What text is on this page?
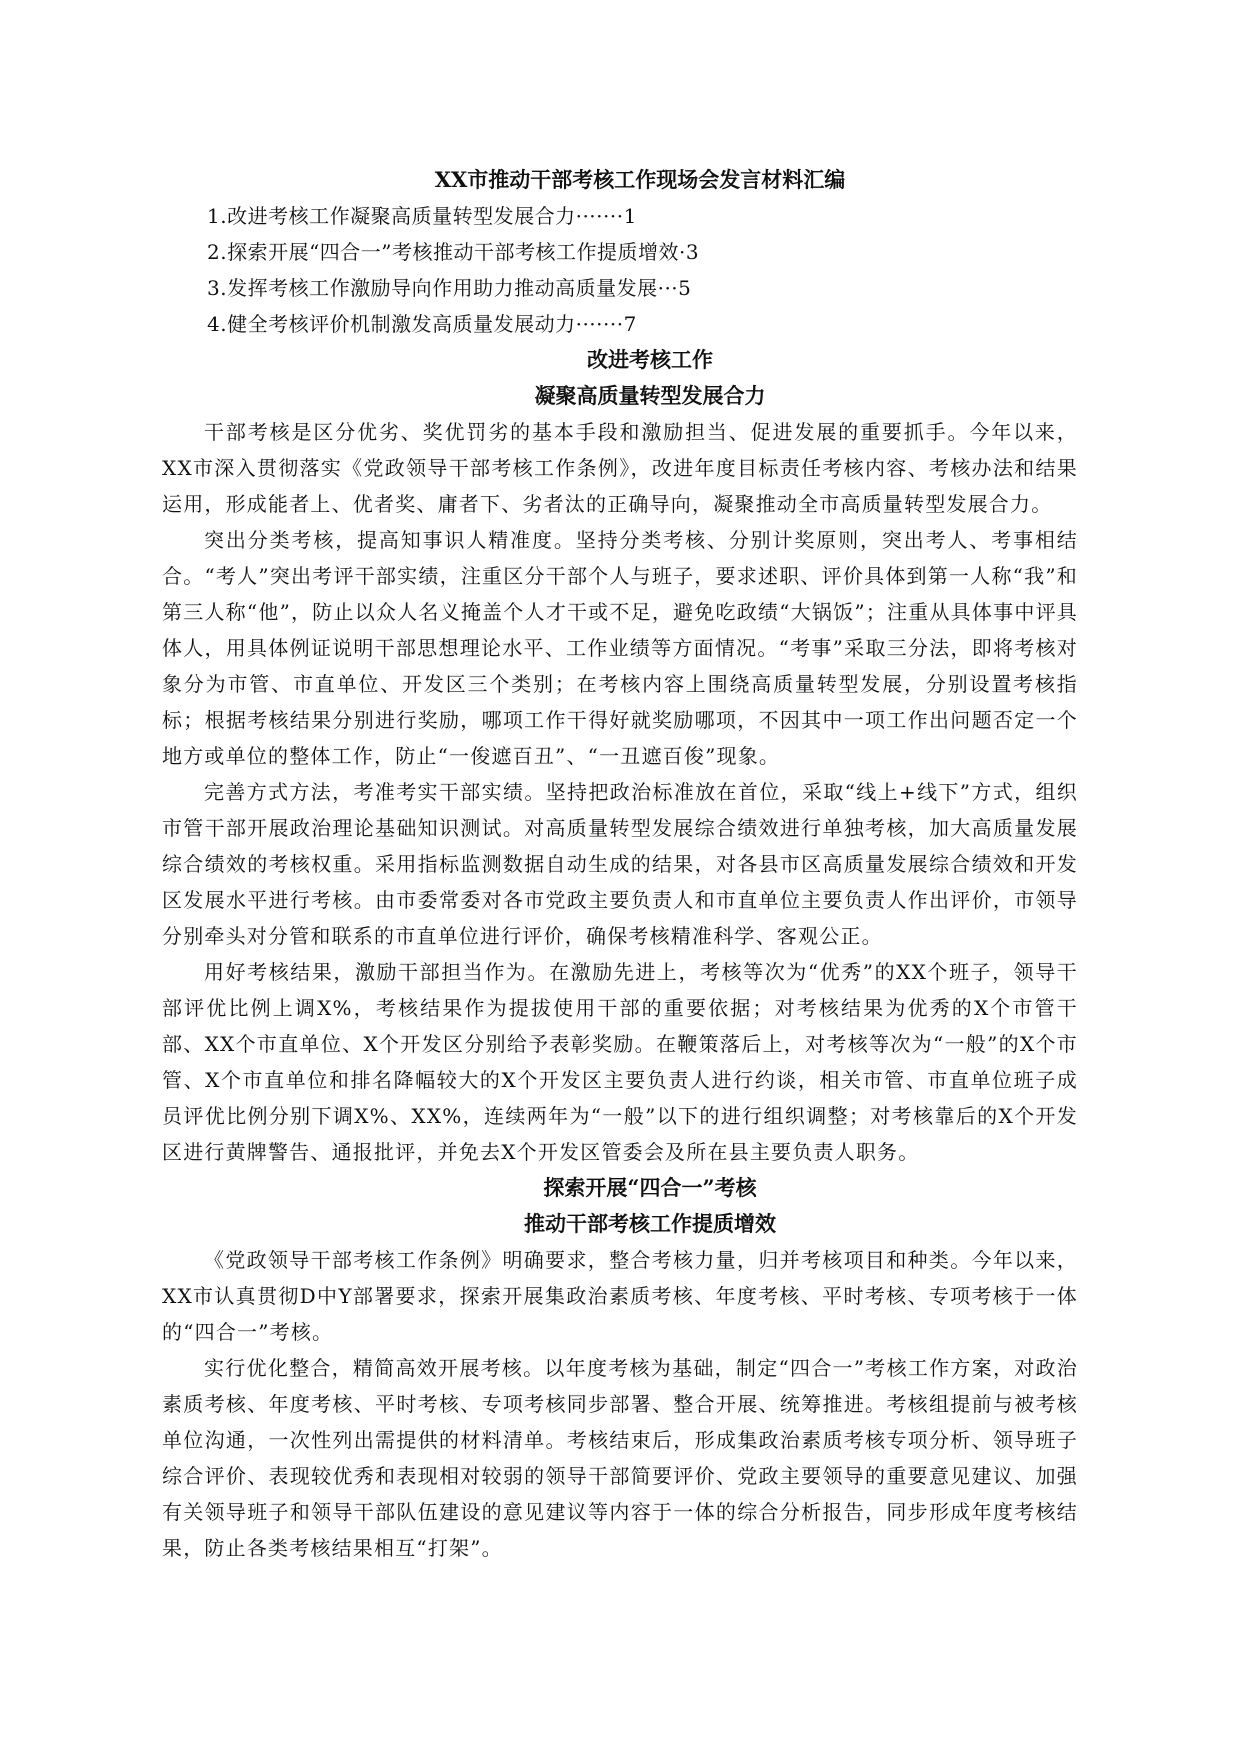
XX市推动干部考核工作现场会发言材料汇编
1.改进考核工作凝聚高质量转型发展合力·······1
2.探索开展“四合一”考核推动干部考核工作提质增效·3
3.发挥考核工作激励导向作用助力推动高质量发展···5
4.健全考核评价机制激发高质量发展动力·······7
改进考核工作
凝聚高质量转型发展合力

干部考核是区分优劣、奖优罚劣的基本手段和激励担当、促进发展的重要抓手。今年以来，XX市深入贯彻落实《党政领导干部考核工作条例》，改进年度目标责任考核内容、考核办法和结果运用，形成能者上、优者奖、庸者下、劣者汰的正确导向，凝聚推动全市高质量转型发展合力。

突出分类考核，提高知事识人精准度。坚持分类考核、分别计奖原则，突出考人、考事相结合。“考人”突出考评干部实绩，注重区分干部个人与班子，要求述职、评价具体到第一人称“我”和第三人称“他”，防止以众人名义掩盖个人才干或不足，避免吃政绩“大锅饭”；注重从具体事中评具体人，用具体例证说明干部思想理论水平、工作业绩等方面情况。“考事”采取三分法，即将考核对象分为市管、市直单位、开发区三个类别；在考核内容上围绕高质量转型发展，分别设置考核指标；根据考核结果分别进行奖励，哪项工作干得好就奖励哪项，不因其中一项工作出问题否定一个地方或单位的整体工作，防止“一俊遮百丑”、“一丑遮百俊”现象。

完善方式方法，考准考实干部实绩。坚持把政治标准放在首位，采取“线上+线下”方式，组织市管干部开展政治理论基础知识测试。对高质量转型发展综合绩效进行单独考核，加大高质量发展综合绩效的考核权重。采用指标监测数据自动生成的结果，对各县市区高质量发展综合绩效和开发区发展水平进行考核。由市委常委对各市党政主要负责人和市直单位主要负责人作出评价，市领导分别牵头对分管和联系的市直单位进行评价，确保考核精准科学、客观公正。

用好考核结果，激励干部担当作为。在激励先进上，考核等次为“优秀”的XX个班子，领导干部评优比例上调X%，考核结果作为提拔使用干部的重要依据；对考核结果为优秀的X个市管干部、XX个市直单位、X个开发区分别给予表彰奖励。在鞭策落后上，对考核等次为“一般”的X个市管、X个市直单位和排名降幅较大的X个开发区主要负责人进行约谈，相关市管、市直单位班子成员评优比例分别下调X%、XX%，连续两年为“一般”以下的进行组织调整；对考核靠后的X个开发区进行黄牌警告、通报批评，并免去X个开发区管委会及所在县主要负责人职务。

探索开展“四合一”考核
推动干部考核工作提质增效

《党政领导干部考核工作条例》明确要求，整合考核力量，归并考核项目和种类。今年以来，XX市认真贯彻D中Y部署要求，探索开展集政治素质考核、年度考核、平时考核、专项考核于一体的“四合一”考核。

实行优化整合，精简高效开展考核。以年度考核为基础，制定“四合一”考核工作方案，对政治素质考核、年度考核、平时考核、专项考核同步部署、整合开展、统筹推进。考核组提前与被考核单位沟通，一次性列出需提供的材料清单。考核结束后，形成集政治素质考核专项分析、领导班子综合评价、表现较优秀和表现相对较弱的领导干部简要评价、党政主要领导的重要意见建议、加强有关领导班子和领导干部队伍建设的意见建议等内容于一体的综合分析报告，同步形成年度考核结果，防止各类考核结果相互“打架”。
